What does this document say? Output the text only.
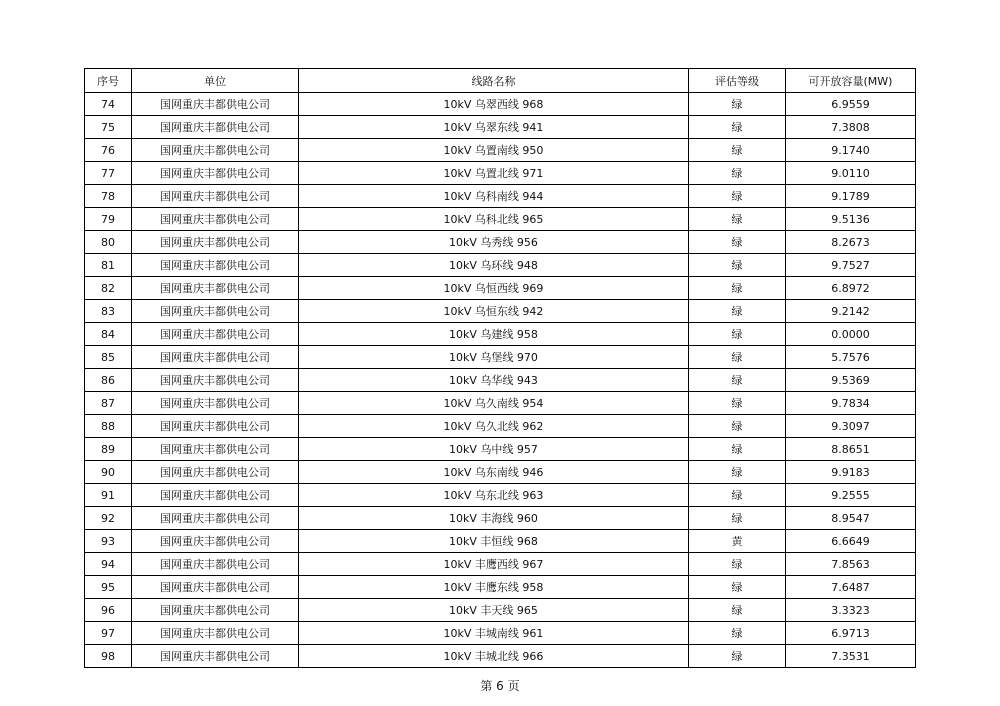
序号	单位	线路名称	评估等级	可开放容量(MW)
74	国网重庆丰都供电公司	10kV 乌翠西线 968	绿	6.9559
75	国网重庆丰都供电公司	10kV 乌翠东线 941	绿	7.3808
76	国网重庆丰都供电公司	10kV 乌置南线 950	绿	9.1740
77	国网重庆丰都供电公司	10kV 乌置北线 971	绿	9.0110
78	国网重庆丰都供电公司	10kV 乌科南线 944	绿	9.1789
79	国网重庆丰都供电公司	10kV 乌科北线 965	绿	9.5136
80	国网重庆丰都供电公司	10kV 乌秀线 956	绿	8.2673
81	国网重庆丰都供电公司	10kV 乌环线 948	绿	9.7527
82	国网重庆丰都供电公司	10kV 乌恒西线 969	绿	6.8972
83	国网重庆丰都供电公司	10kV 乌恒东线 942	绿	9.2142
84	国网重庆丰都供电公司	10kV 乌建线 958	绿	0.0000
85	国网重庆丰都供电公司	10kV 乌堡线 970	绿	5.7576
86	国网重庆丰都供电公司	10kV 乌华线 943	绿	9.5369
87	国网重庆丰都供电公司	10kV 乌久南线 954	绿	9.7834
88	国网重庆丰都供电公司	10kV 乌久北线 962	绿	9.3097
89	国网重庆丰都供电公司	10kV 乌中线 957	绿	8.8651
90	国网重庆丰都供电公司	10kV 乌东南线 946	绿	9.9183
91	国网重庆丰都供电公司	10kV 乌东北线 963	绿	9.2555
92	国网重庆丰都供电公司	10kV 丰海线 960	绿	8.9547
93	国网重庆丰都供电公司	10kV 丰恒线 968	黄	6.6649
94	国网重庆丰都供电公司	10kV 丰鹰西线 967	绿	7.8563
95	国网重庆丰都供电公司	10kV 丰鹰东线 958	绿	7.6487
96	国网重庆丰都供电公司	10kV 丰天线 965	绿	3.3323
97	国网重庆丰都供电公司	10kV 丰城南线 961	绿	6.9713
98	国网重庆丰都供电公司	10kV 丰城北线 966	绿	7.3531
第 6 页
